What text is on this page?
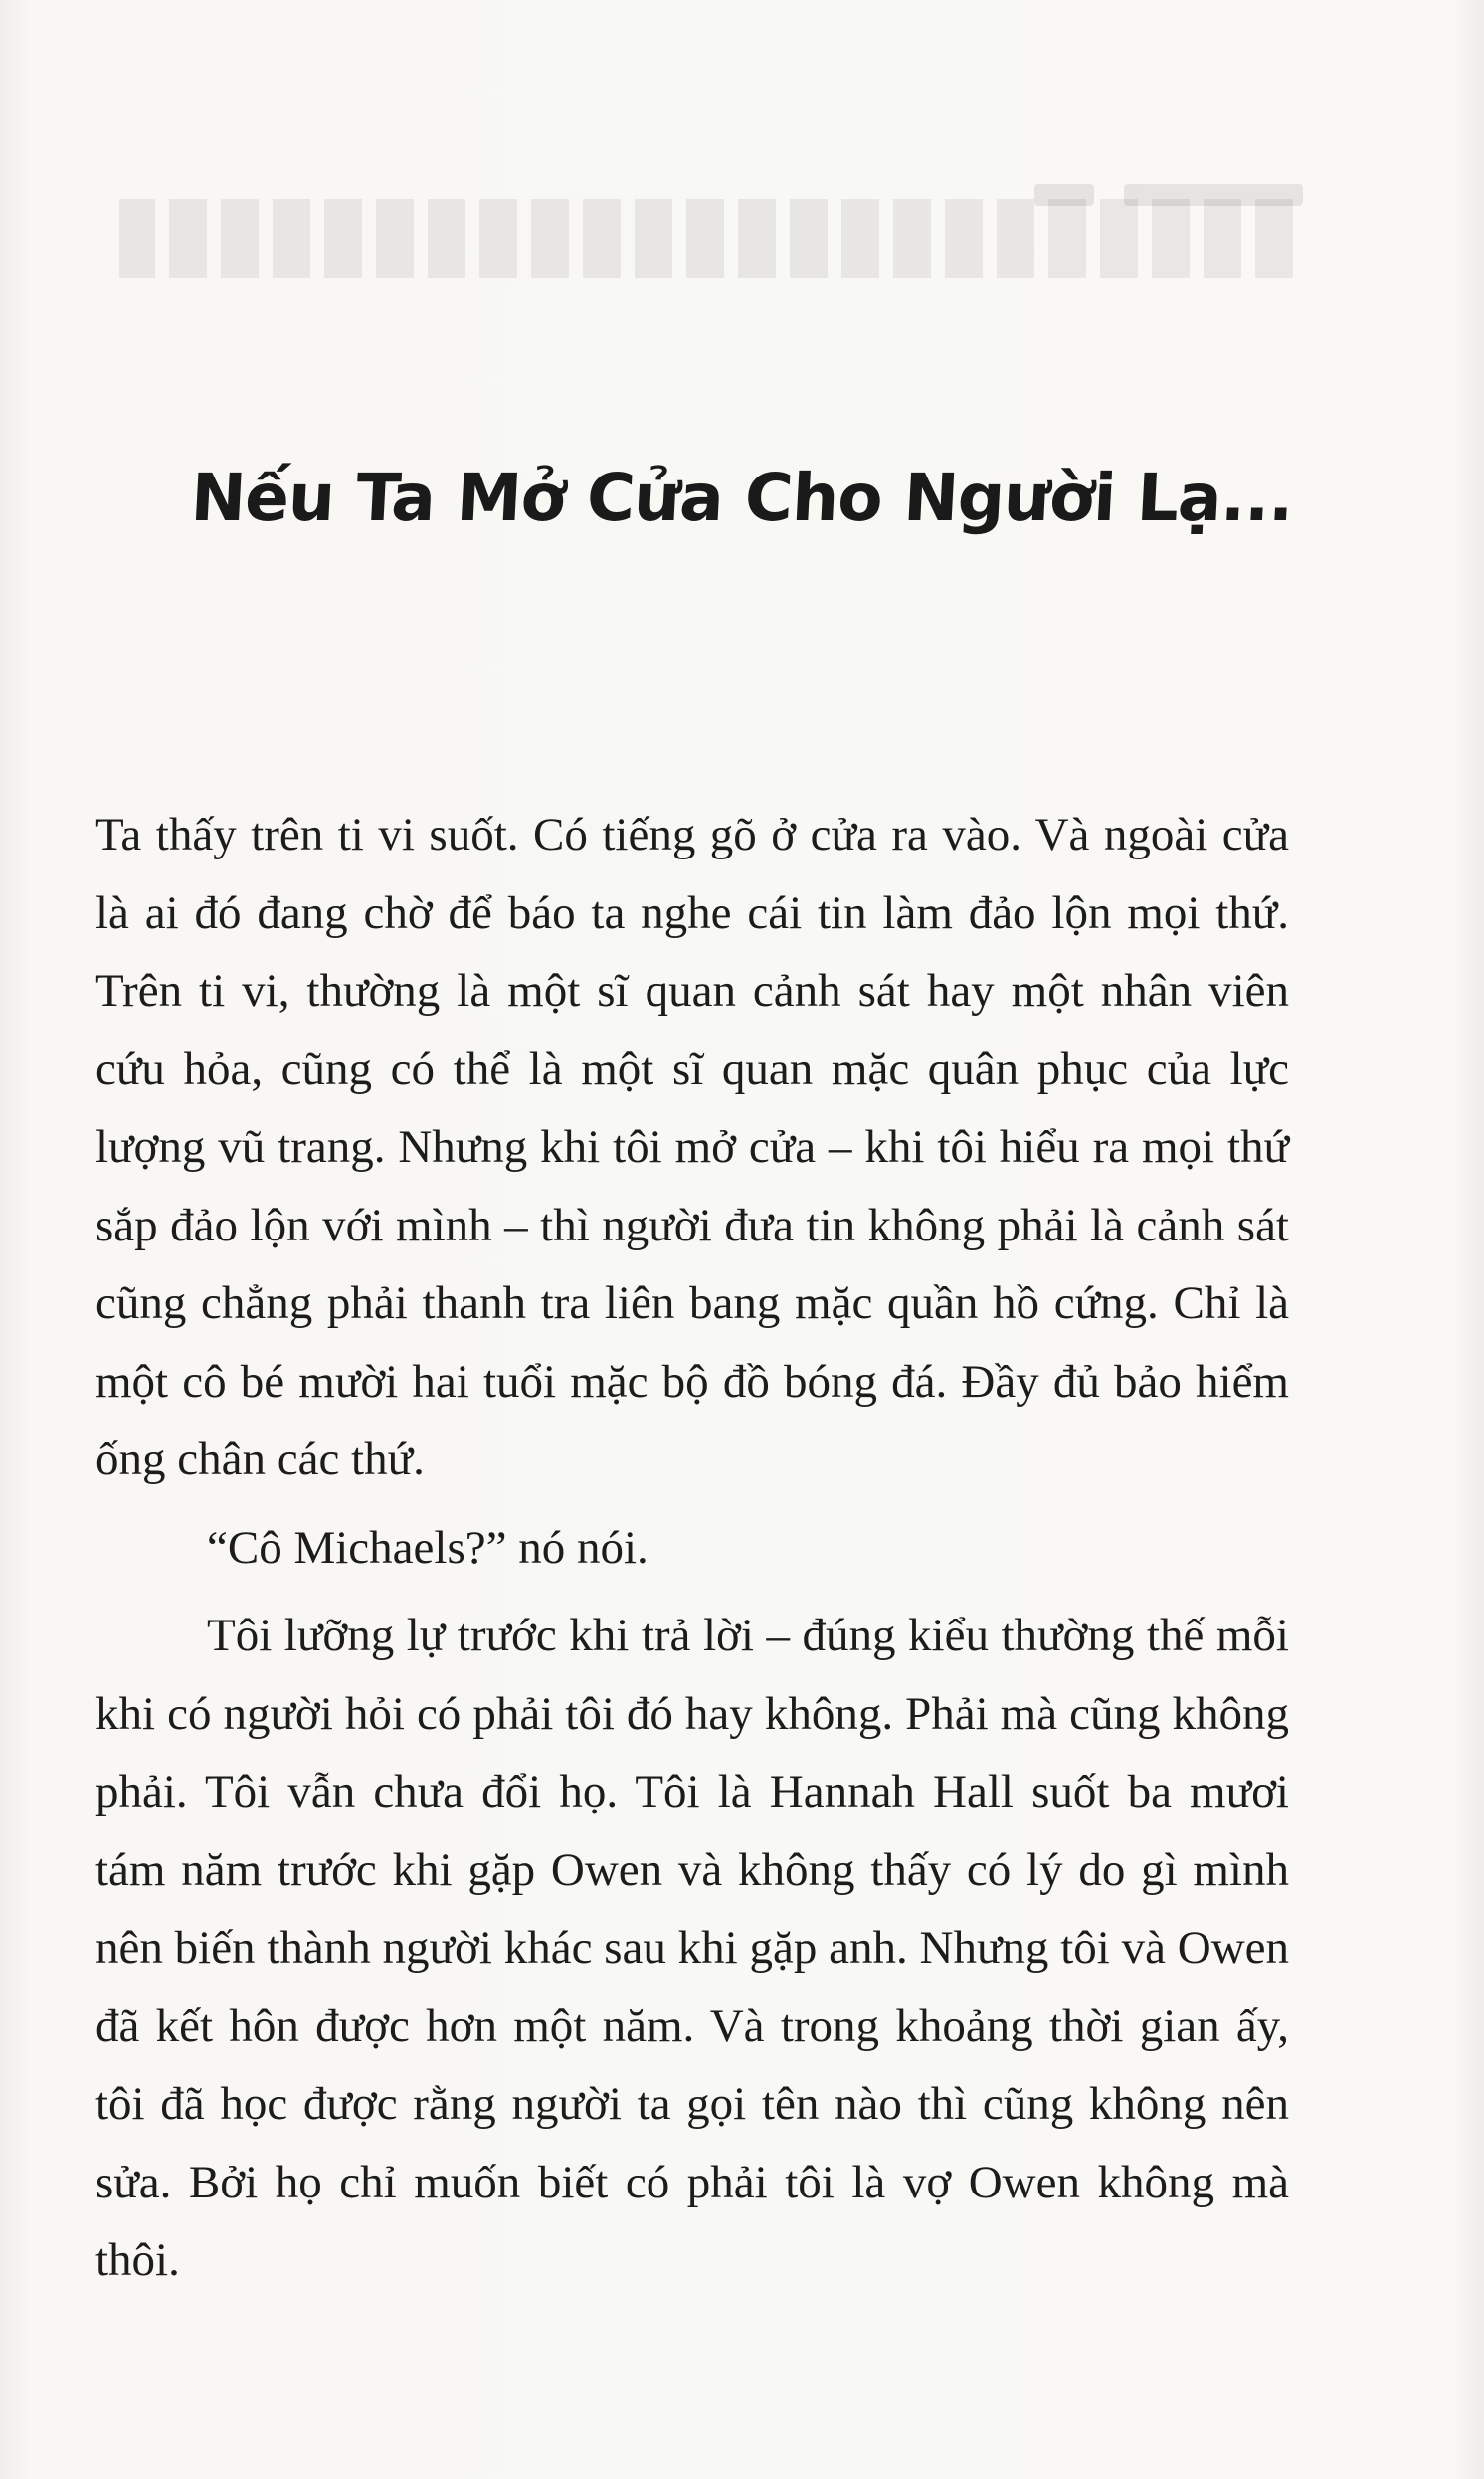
Nếu Ta Mở Cửa Cho Người Lạ...

Ta thấy trên ti vi suốt. Có tiếng gõ ở cửa ra vào. Và ngoài cửa là ai đó đang chờ để báo ta nghe cái tin làm đảo lộn mọi thứ. Trên ti vi, thường là một sĩ quan cảnh sát hay một nhân viên cứu hỏa, cũng có thể là một sĩ quan mặc quân phục của lực lượng vũ trang. Nhưng khi tôi mở cửa – khi tôi hiểu ra mọi thứ sắp đảo lộn với mình – thì người đưa tin không phải là cảnh sát cũng chẳng phải thanh tra liên bang mặc quần hồ cứng. Chỉ là một cô bé mười hai tuổi mặc bộ đồ bóng đá. Đầy đủ bảo hiểm ống chân các thứ.

“Cô Michaels?” nó nói.

Tôi lưỡng lự trước khi trả lời – đúng kiểu thường thế mỗi khi có người hỏi có phải tôi đó hay không. Phải mà cũng không phải. Tôi vẫn chưa đổi họ. Tôi là Hannah Hall suốt ba mươi tám năm trước khi gặp Owen và không thấy có lý do gì mình nên biến thành người khác sau khi gặp anh. Nhưng tôi và Owen đã kết hôn được hơn một năm. Và trong khoảng thời gian ấy, tôi đã học được rằng người ta gọi tên nào thì cũng không nên sửa. Bởi họ chỉ muốn biết có phải tôi là vợ Owen không mà thôi.
